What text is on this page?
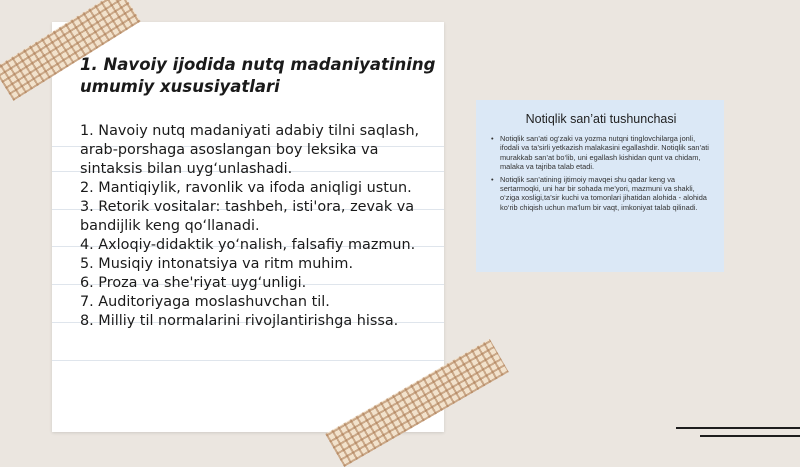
1. Navoiy ijodida nutq madaniyatining umumiy xususiyatlari

1. Navoiy nutq madaniyati adabiy tilni saqlash, arab-porshaga asoslangan boy leksika va sintaksis bilan uyg‘unlashadi.

2. Mantiqiylik, ravonlik va ifoda aniqligi ustun.

3. Retorik vositalar: tashbeh, isti'ora, zevak va bandijlik keng qo‘llanadi.

4. Axloqiy-didaktik yo‘nalish, falsafiy mazmun.

5. Musiqiy intonatsiya va ritm muhim.

6. Proza va she'riyat uyg‘unligi.

7. Auditoriyaga moslashuvchan til.

8. Milliy til normalarini rivojlantirishga hissa.

Notiqlik san’ati tushunchasi
• Notiqlik san’ati og‘zaki va yozma nutqni tinglovchilarga jonli, ifodali va ta’sirli yetkazish malakasini egallashdir. Notiqlik san’ati murakkab san’at bo‘lib, uni egallash kishidan qunt va chidam, malaka va tajriba talab etadi.
• Notiqlik san’atining ijtimoiy mavqei shu qadar keng va sertarmoqki, uni har bir sohada me’yori, mazmuni va shakli, o‘ziga xosligi,ta’sir kuchi va tomonlari jihatidan alohida - alohida ko‘rib chiqish uchun ma’lum bir vaqt, imkoniyat talab qilinadi.
